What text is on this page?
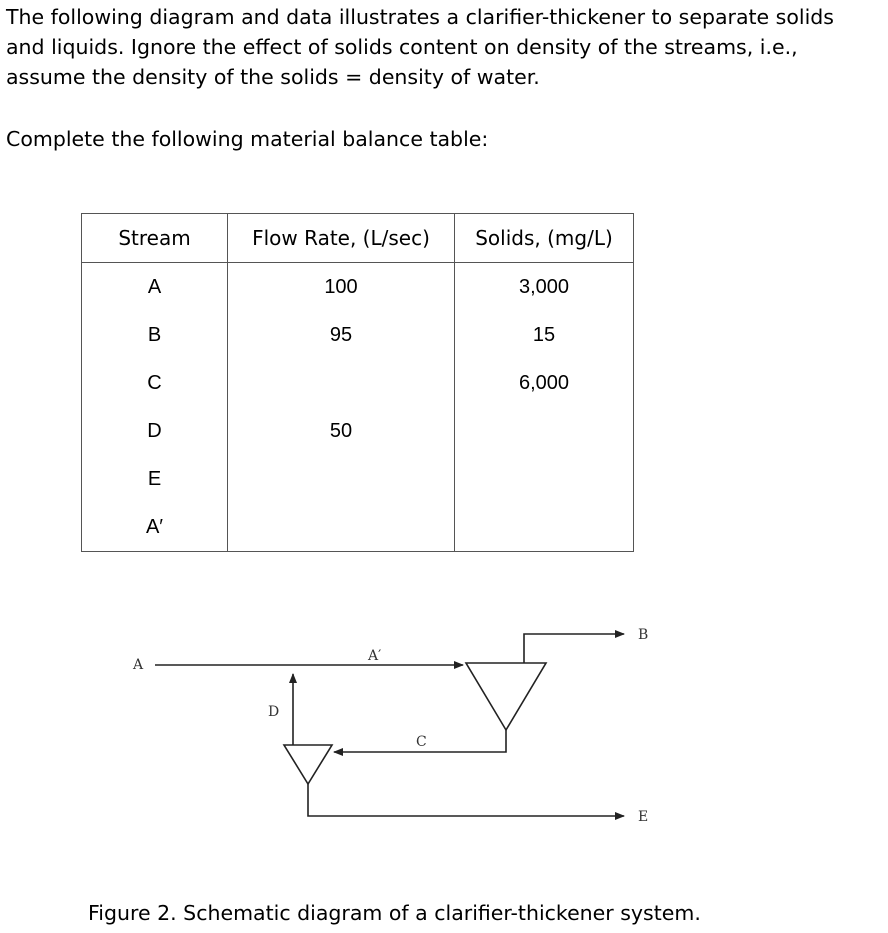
The following diagram and data illustrates a clarifier-thickener to separate solids and liquids. Ignore the effect of solids content on density of the streams, i.e., assume the density of the solids = density of water.

Complete the following material balance table:

Stream	Flow Rate, (L/sec)	Solids, (mg/L)
A	100	3,000
B	95	15
C		6,000
D	50	
E		
A′		
A
A′
B
C
D
E

Figure 2. Schematic diagram of a clarifier-thickener system.
